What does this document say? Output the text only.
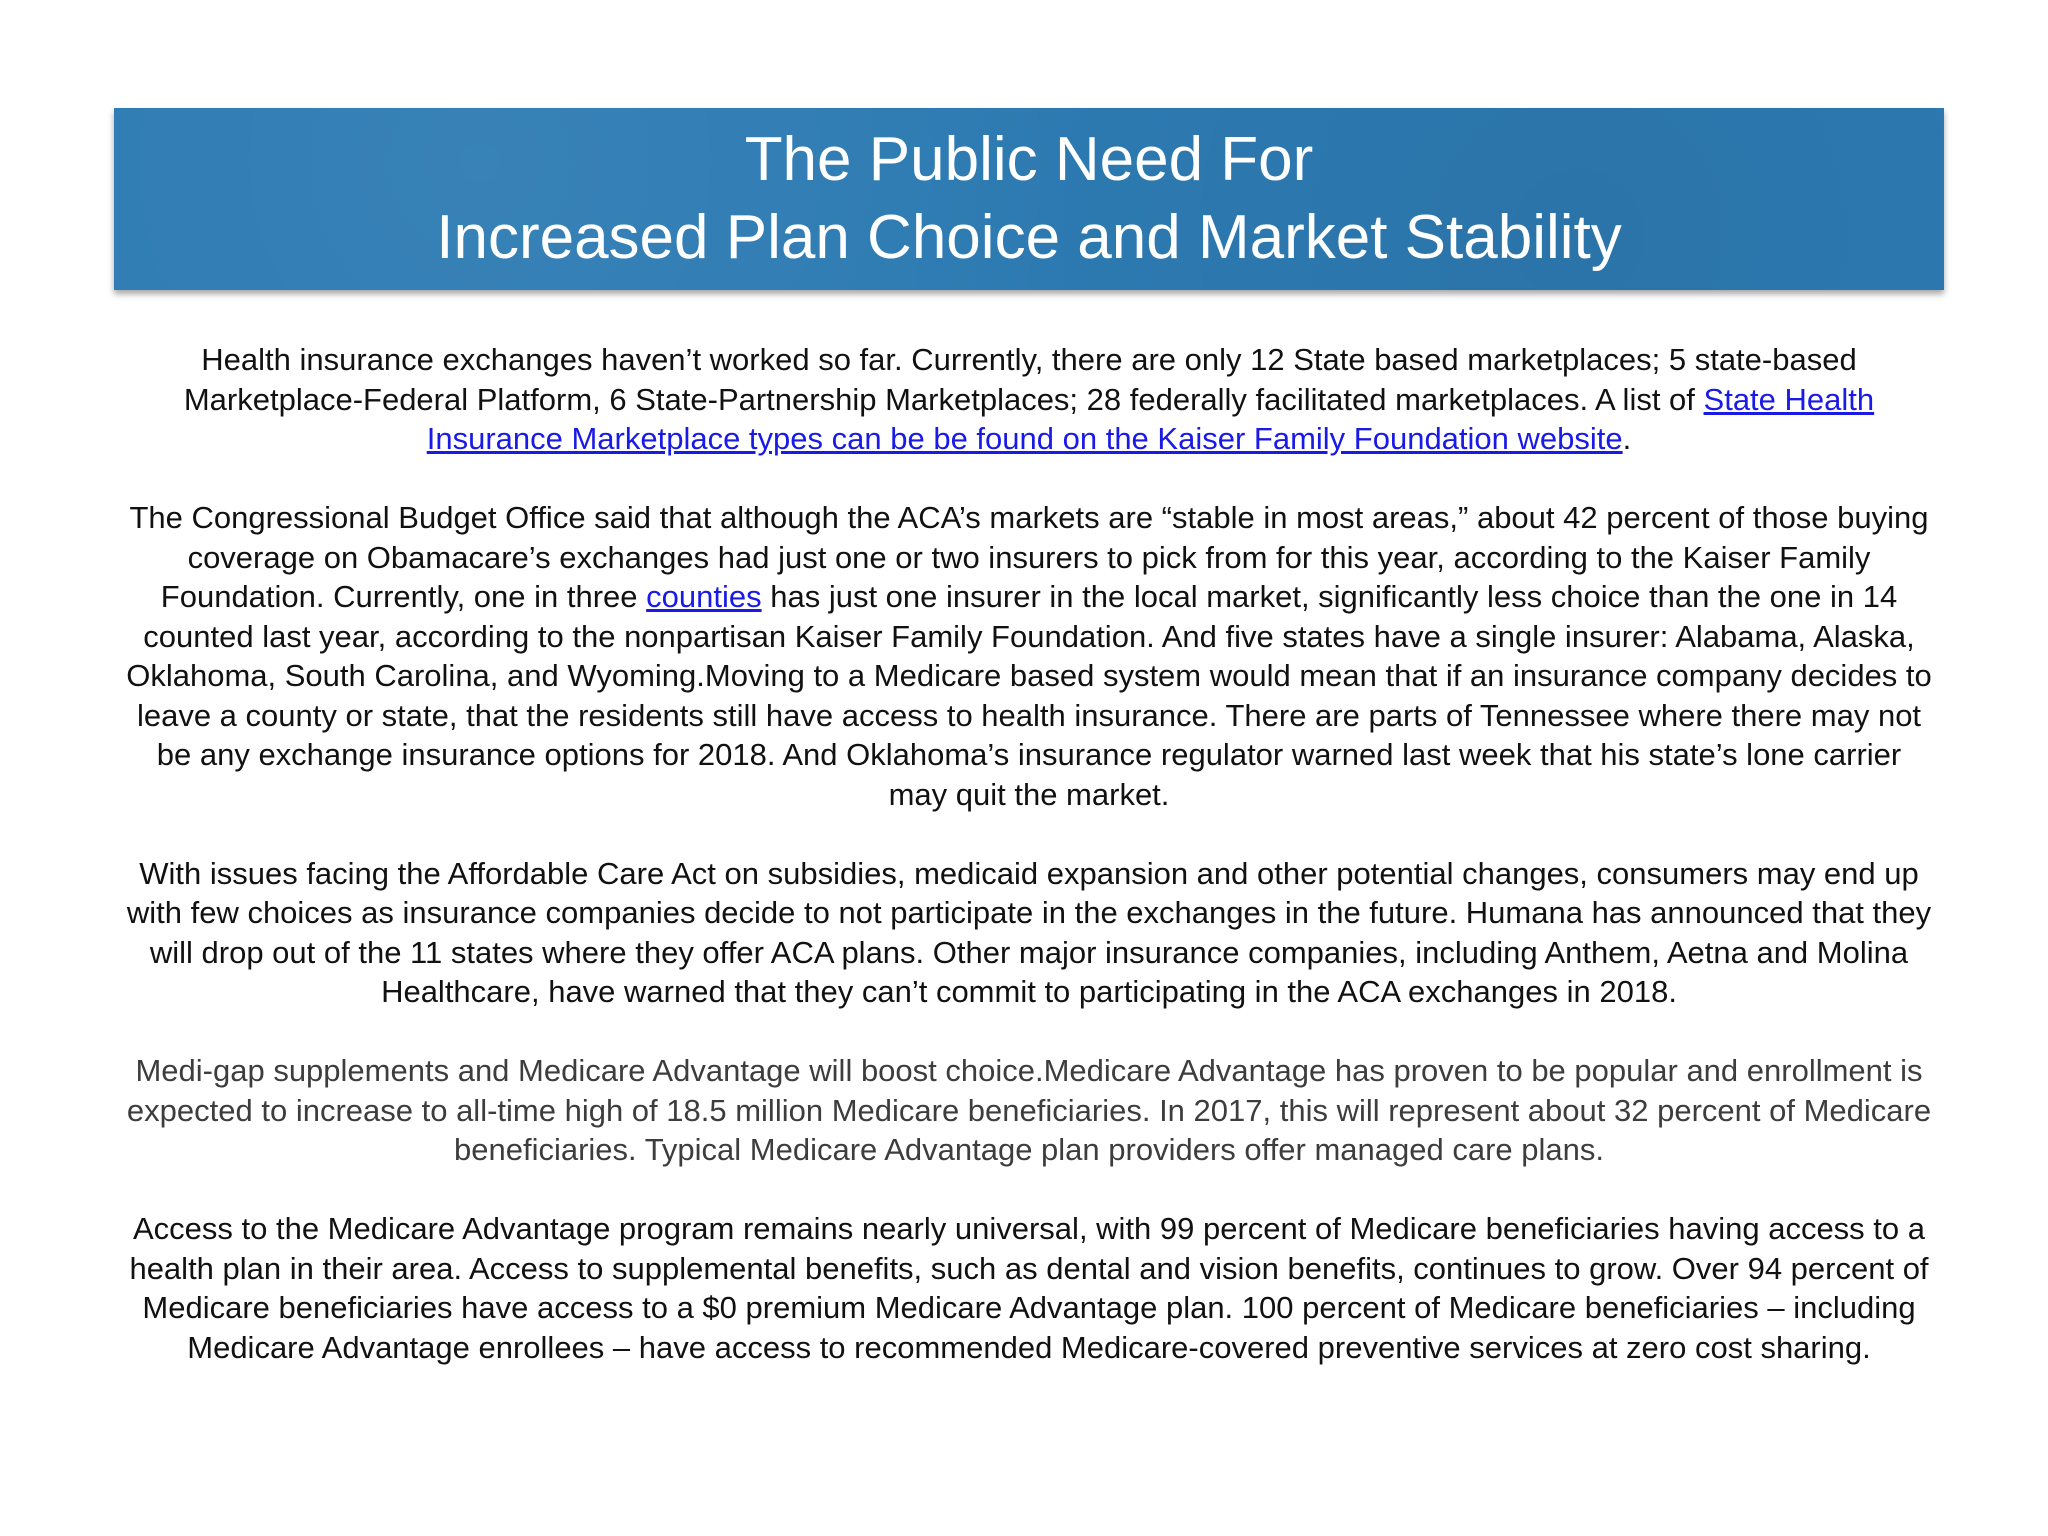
The Public Need For
Increased Plan Choice and Market Stability

Health insurance exchanges haven’t worked so far. Currently, there are only 12 State based marketplaces; 5 state-based Marketplace-Federal Platform, 6 State-Partnership Marketplaces; 28 federally facilitated marketplaces. A list of State Health Insurance Marketplace types can be be found on the Kaiser Family Foundation website.

The Congressional Budget Office said that although the ACA’s markets are “stable in most areas,” about 42 percent of those buying coverage on Obamacare’s exchanges had just one or two insurers to pick from for this year, according to the Kaiser Family Foundation. Currently, one in three counties has just one insurer in the local market, significantly less choice than the one in 14 counted last year, according to the nonpartisan Kaiser Family Foundation. And five states have a single insurer: Alabama, Alaska, Oklahoma, South Carolina, and Wyoming.Moving to a Medicare based system would mean that if an insurance company decides to leave a county or state, that the residents still have access to health insurance. There are parts of Tennessee where there may not be any exchange insurance options for 2018. And Oklahoma’s insurance regulator warned last week that his state’s lone carrier may quit the market.

With issues facing the Affordable Care Act on subsidies, medicaid expansion and other potential changes, consumers may end up with few choices as insurance companies decide to not participate in the exchanges in the future. Humana has announced that they will drop out of the 11 states where they offer ACA plans. Other major insurance companies, including Anthem, Aetna and Molina Healthcare, have warned that they can’t commit to participating in the ACA exchanges in 2018.

Medi-gap supplements and Medicare Advantage will boost choice.Medicare Advantage has proven to be popular and enrollment is expected to increase to all-time high of 18.5 million Medicare beneficiaries. In 2017, this will represent about 32 percent of Medicare beneficiaries. Typical Medicare Advantage plan providers offer managed care plans.

Access to the Medicare Advantage program remains nearly universal, with 99 percent of Medicare beneficiaries having access to a health plan in their area. Access to supplemental benefits, such as dental and vision benefits, continues to grow. Over 94 percent of Medicare beneficiaries have access to a $0 premium Medicare Advantage plan. 100 percent of Medicare beneficiaries – including Medicare Advantage enrollees – have access to recommended Medicare-covered preventive services at zero cost sharing.
